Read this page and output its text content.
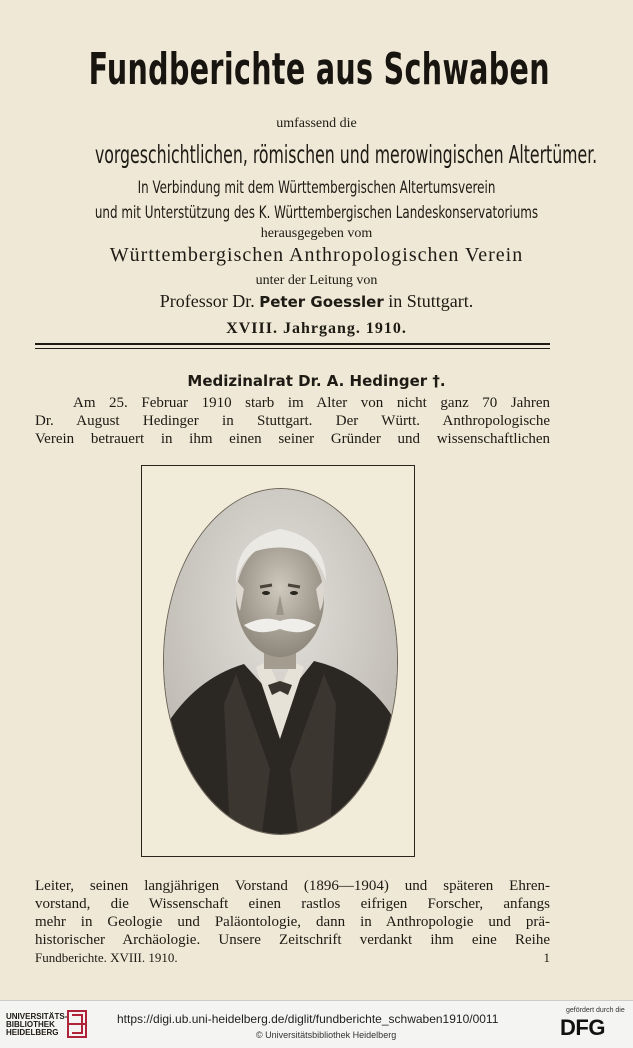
Fundberichte aus Schwaben
umfassend die
vorgeschichtlichen, römischen und merowingischen Altertümer.
In Verbindung mit dem Württembergischen Altertumsverein
und mit Unterstützung des K. Württembergischen Landeskonservatoriums
herausgegeben vom
Württembergischen Anthropologischen Verein
unter der Leitung von
Professor Dr. Peter Goessler in Stuttgart.
XVIII. Jahrgang. 1910.
Medizinalrat Dr. A. Hedinger †.
Am 25. Februar 1910 starb im Alter von nicht ganz 70 Jahren
Dr. August Hedinger in Stuttgart. Der Württ. Anthropologische
Verein betrauert in ihm einen seiner Gründer und wissenschaftlichen
Leiter, seinen langjährigen Vorstand (1896—1904) und späteren Ehren-
vorstand, die Wissenschaft einen rastlos eifrigen Forscher, anfangs
mehr in Geologie und Paläontologie, dann in Anthropologie und prä-
historischer Archäologie. Unsere Zeitschrift verdankt ihm eine Reihe
Fundberichte. XVIII. 1910.	1
UNIVERSITÄTS-
BIBLIOTHEK
HEIDELBERG
https://digi.ub.uni-heidelberg.de/diglit/fundberichte_schwaben1910/0011
© Universitätsbibliothek Heidelberg
gefördert durch die
DFG
